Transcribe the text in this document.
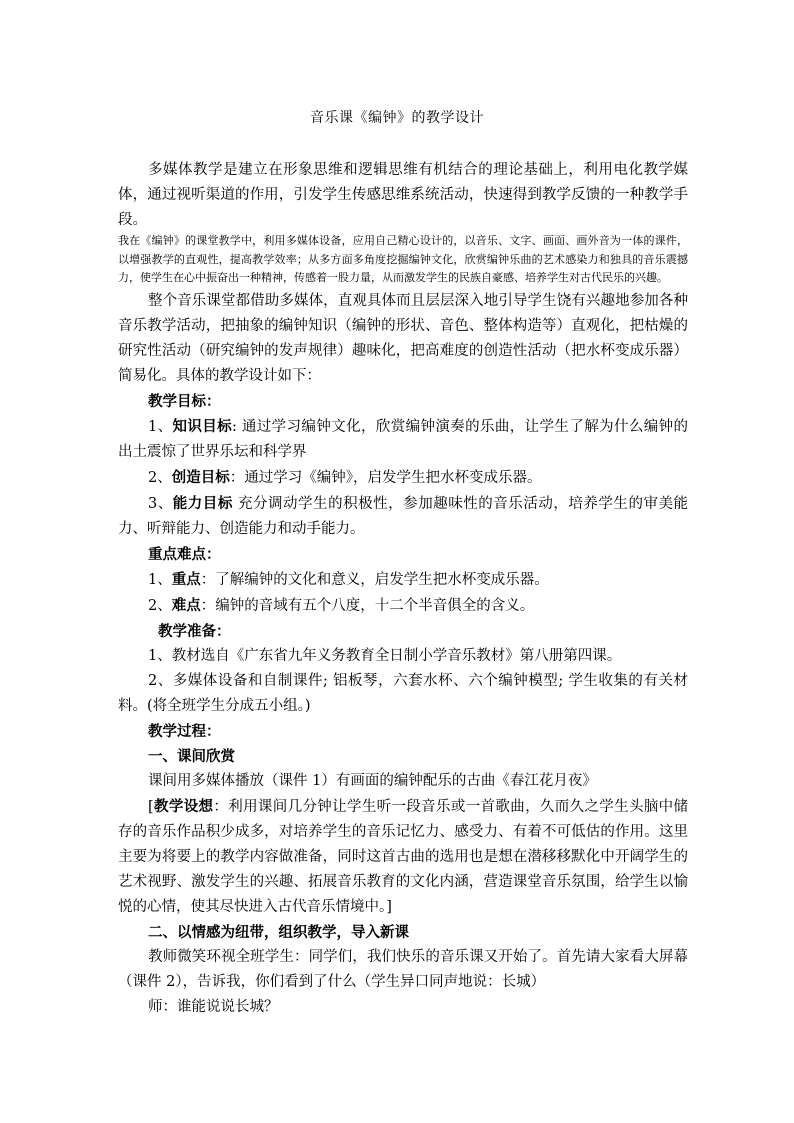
音乐课《编钟》的教学设计

多媒体教学是建立在形象思维和逻辑思维有机结合的理论基础上，利用电化教学媒体，通过视听渠道的作用，引发学生传感思维系统活动，快速得到教学反馈的一种教学手段。

我在《编钟》的课堂教学中，利用多媒体设备，应用自己精心设计的，以音乐、文字、画面、画外音为一体的课件，以增强教学的直观性，提高教学效率；从多方面多角度挖掘编钟文化，欣赏编钟乐曲的艺术感染力和独具的音乐震撼力，使学生在心中振奋出一种精神，传感着一股力量，从而激发学生的民族自豪感、培养学生对古代民乐的兴趣。

整个音乐课堂都借助多媒体，直观具体而且层层深入地引导学生饶有兴趣地参加各种音乐教学活动，把抽象的编钟知识（编钟的形状、音色、整体构造等）直观化，把枯燥的研究性活动（研究编钟的发声规律）趣味化，把高难度的创造性活动（把水杯变成乐器）简易化。具体的教学设计如下：

教学目标：

1、知识目标: 通过学习编钟文化，欣赏编钟演奏的乐曲，让学生了解为什么编钟的出土震惊了世界乐坛和科学界

2、创造目标：通过学习《编钟》，启发学生把水杯变成乐器。

3、能力目标 充分调动学生的积极性，参加趣味性的音乐活动，培养学生的审美能力、听辩能力、创造能力和动手能力。

重点难点：

1、重点：了解编钟的文化和意义，启发学生把水杯变成乐器。

2、难点：编钟的音域有五个八度，十二个半音俱全的含义。

教学准备：

1、教材选自《广东省九年义务教育全日制小学音乐教材》第八册第四课。

2、多媒体设备和自制课件; 铝板琴，六套水杯、六个编钟模型; 学生收集的有关材料。(将全班学生分成五小组。)

教学过程：

一、课间欣赏

课间用多媒体播放（课件 1）有画面的编钟配乐的古曲《春江花月夜》

[教学设想：利用课间几分钟让学生听一段音乐或一首歌曲，久而久之学生头脑中储存的音乐作品积少成多，对培养学生的音乐记忆力、感受力、有着不可低估的作用。这里主要为将要上的教学内容做准备，同时这首古曲的选用也是想在潜移移默化中开阔学生的艺术视野、激发学生的兴趣、拓展音乐教育的文化内涵，营造课堂音乐氛围，给学生以愉悦的心情，使其尽快进入古代音乐情境中。]

二、以情感为纽带，组织教学，导入新课

教师微笑环视全班学生：同学们，我们快乐的音乐课又开始了。首先请大家看大屏幕（课件 2），告诉我，你们看到了什么（学生异口同声地说：长城）

师：谁能说说长城？
